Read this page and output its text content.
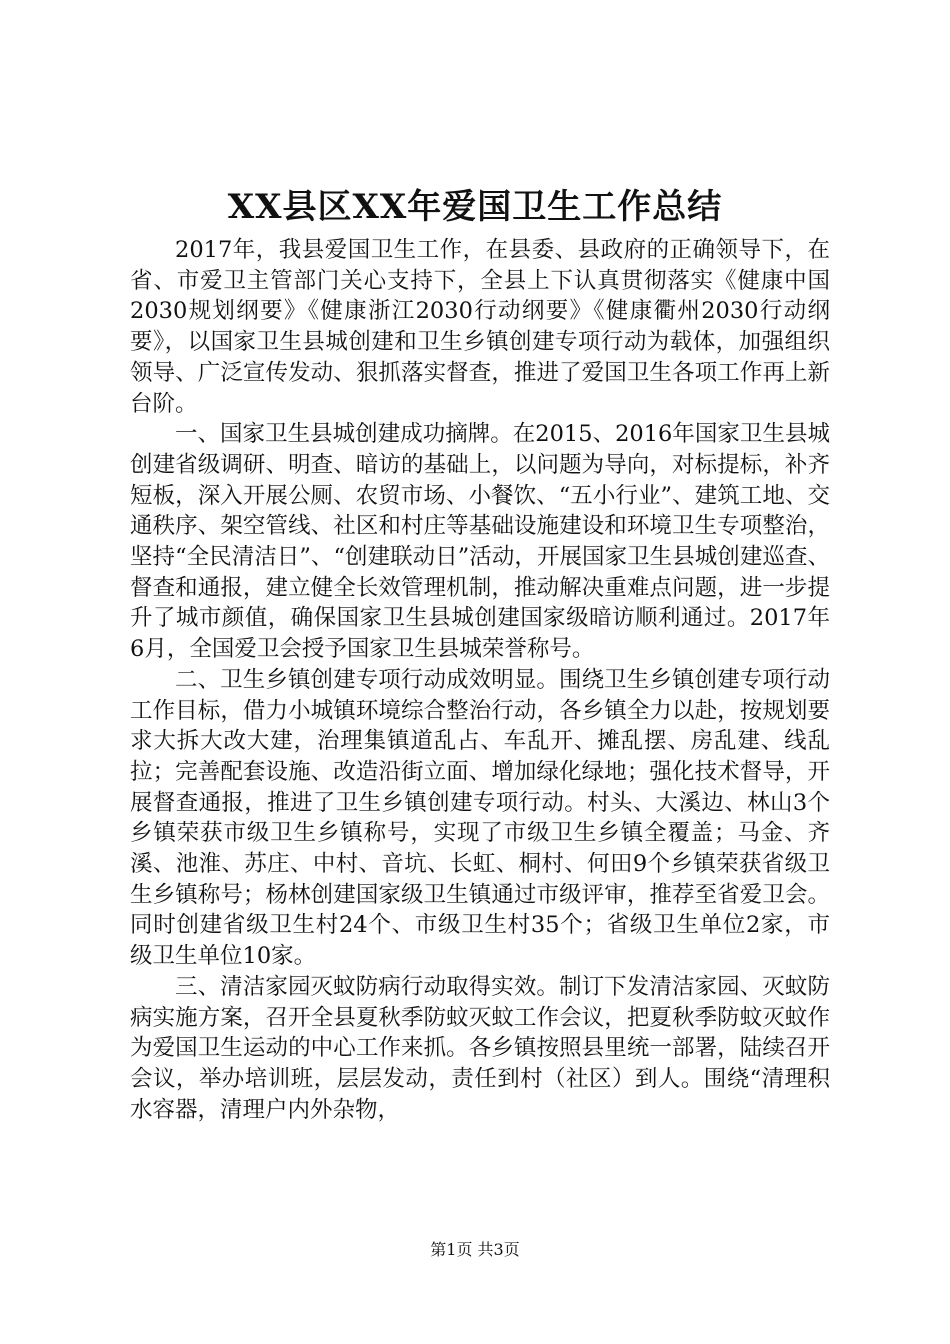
XX县区XX年爱国卫生工作总结

2017年，我县爱国卫生工作，在县委、县政府的正确领导下，在省、市爱卫主管部门关心支持下，全县上下认真贯彻落实《健康中国2030规划纲要》《健康浙江2030行动纲要》《健康衢州2030行动纲要》，以国家卫生县城创建和卫生乡镇创建专项行动为载体，加强组织领导、广泛宣传发动、狠抓落实督查，推进了爱国卫生各项工作再上新台阶。

一、国家卫生县城创建成功摘牌。在2015、2016年国家卫生县城创建省级调研、明查、暗访的基础上，以问题为导向，对标提标，补齐短板，深入开展公厕、农贸市场、小餐饮、“五小行业”、建筑工地、交通秩序、架空管线、社区和村庄等基础设施建设和环境卫生专项整治，坚持“全民清洁日”、“创建联动日”活动，开展国家卫生县城创建巡查、督查和通报，建立健全长效管理机制，推动解决重难点问题，进一步提升了城市颜值，确保国家卫生县城创建国家级暗访顺利通过。2017年6月，全国爱卫会授予国家卫生县城荣誉称号。

二、卫生乡镇创建专项行动成效明显。围绕卫生乡镇创建专项行动工作目标，借力小城镇环境综合整治行动，各乡镇全力以赴，按规划要求大拆大改大建，治理集镇道乱占、车乱开、摊乱摆、房乱建、线乱拉；完善配套设施、改造沿街立面、增加绿化绿地；强化技术督导，开展督查通报，推进了卫生乡镇创建专项行动。村头、大溪边、林山3个乡镇荣获市级卫生乡镇称号，实现了市级卫生乡镇全覆盖；马金、齐溪、池淮、苏庄、中村、音坑、长虹、桐村、何田9个乡镇荣获省级卫生乡镇称号；杨林创建国家级卫生镇通过市级评审，推荐至省爱卫会。同时创建省级卫生村24个、市级卫生村35个；省级卫生单位2家，市级卫生单位10家。

三、清洁家园灭蚊防病行动取得实效。制订下发清洁家园、灭蚊防病实施方案，召开全县夏秋季防蚊灭蚊工作会议，把夏秋季防蚊灭蚊作为爱国卫生运动的中心工作来抓。各乡镇按照县里统一部署，陆续召开会议，举办培训班，层层发动，责任到村（社区）到人。围绕“清理积水容器，清理户内外杂物，

第1页 共3页
